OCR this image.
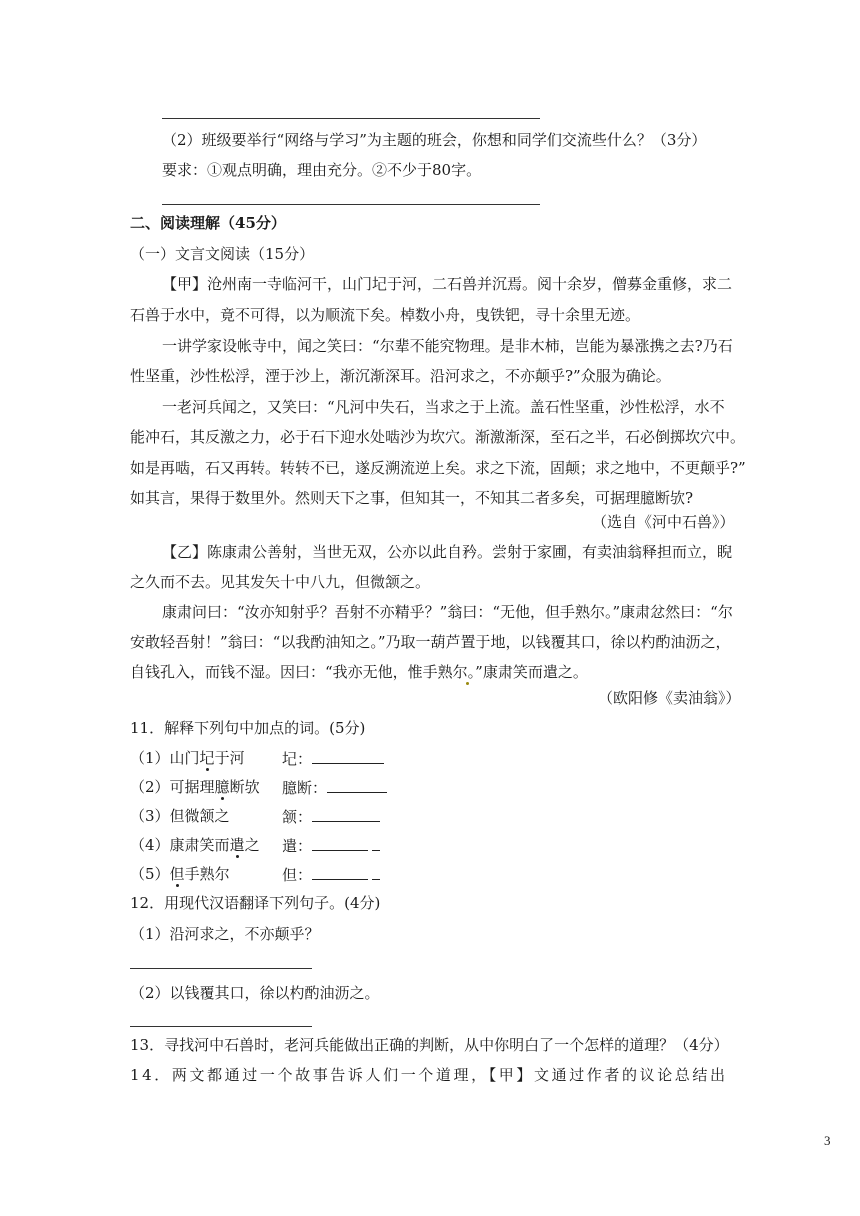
（2）班级要举行“网络与学习”为主题的班会，你想和同学们交流些什么？（3分）
要求：①观点明确，理由充分。②不少于80字。
二、阅读理解（45分）
（一）文言文阅读（15分）
【甲】沧州南一寺临河干，山门圮于河，二石兽并沉焉。阅十余岁，僧募金重修，求二
石兽于水中，竟不可得，以为顺流下矣。棹数小舟，曳铁钯，寻十余里无迹。
一讲学家设帐寺中，闻之笑曰：“尔辈不能究物理。是非木柿，岂能为暴涨携之去?乃石
性坚重，沙性松浮，湮于沙上，渐沉渐深耳。沿河求之，不亦颠乎?”众服为确论。
一老河兵闻之，又笑曰：“凡河中失石，当求之于上流。盖石性坚重，沙性松浮，水不
能冲石，其反激之力，必于石下迎水处啮沙为坎穴。渐激渐深，至石之半，石必倒掷坎穴中。
如是再啮，石又再转。转转不已，遂反溯流逆上矣。求之下流，固颠；求之地中，不更颠乎?”
如其言，果得于数里外。然则天下之事，但知其一，不知其二者多矣，可据理臆断欤?
（选自《河中石兽》）
【乙】陈康肃公善射，当世无双，公亦以此自矜。尝射于家圃，有卖油翁释担而立，睨
之久而不去。见其发矢十中八九，但微颔之。
康肃问曰：“汝亦知射乎？吾射不亦精乎？”翁曰：“无他，但手熟尔。”康肃忿然曰：“尔
安敢轻吾射！”翁曰：“以我酌油知之。”乃取一葫芦置于地，以钱覆其口，徐以杓酌油沥之，
自钱孔入，而钱不湿。因曰：“我亦无他，惟手熟尔
。”康肃笑而遣之。
（欧阳修《卖油翁》）
11．解释下列句中加点的词。(5分)
（1）山门圮
于河 圮：
（2）可据理臆
断欤 臆断：
（3）但微颔之	颔：
（4）康肃笑而遣
之 遣：
（5）但
手熟尔	但：
12．用现代汉语翻译下列句子。(4分)
（1）沿河求之，不亦颠乎？
（2）以钱覆其口，徐以杓酌油沥之。
13．寻找河中石兽时，老河兵能做出正确的判断，从中你明白了一个怎样的道理？（4分）
14．两文都通过一个故事告诉人们一个道理，【甲】文通过作者的议论总结出
3
